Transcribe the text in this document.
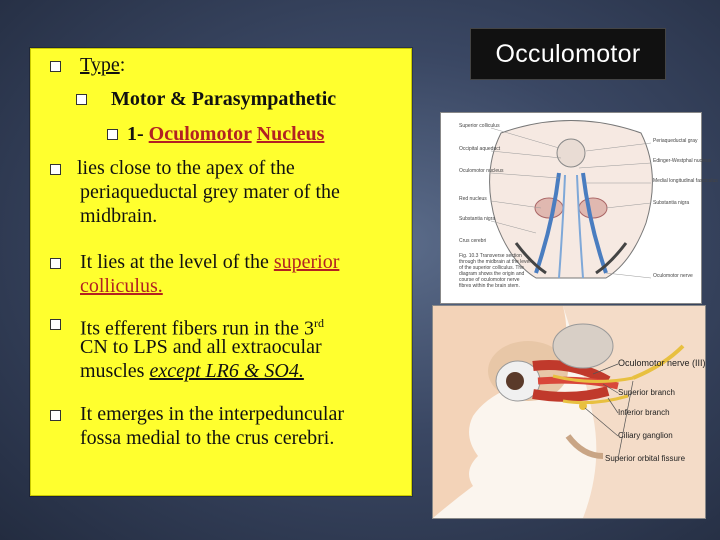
Occulomotor
Type:
Motor & Parasympathetic
1- Oculomotor Nucleus
lies close to the apex of the
periaqueductal grey mater of the
midbrain.
It lies at the level of the superior
colliculus.
Its efferent fibers run in the 3rd
CN to LPS and all extraocular
muscles except LR6 & SO4.
It emerges in the interpeduncular
fossa medial to the crus cerebri.
Superior colliculus
Occipital aqueduct
Oculomotor nucleus
Red nucleus
Substantia nigra
Crus cerebri
Periaqueductal gray
Edinger-Westphal nucleus
Medial longitudinal fasciculus
Substantia nigra
Oculomotor nerve
Fig. 10.3 Transverse section through the midbrain at the level of the superior colliculus. The diagram shows the origin and course of oculomotor nerve fibres within the brain stem.
Oculomotor nerve (III)
Superior branch
Inferior branch
Ciliary ganglion
Superior orbital fissure
